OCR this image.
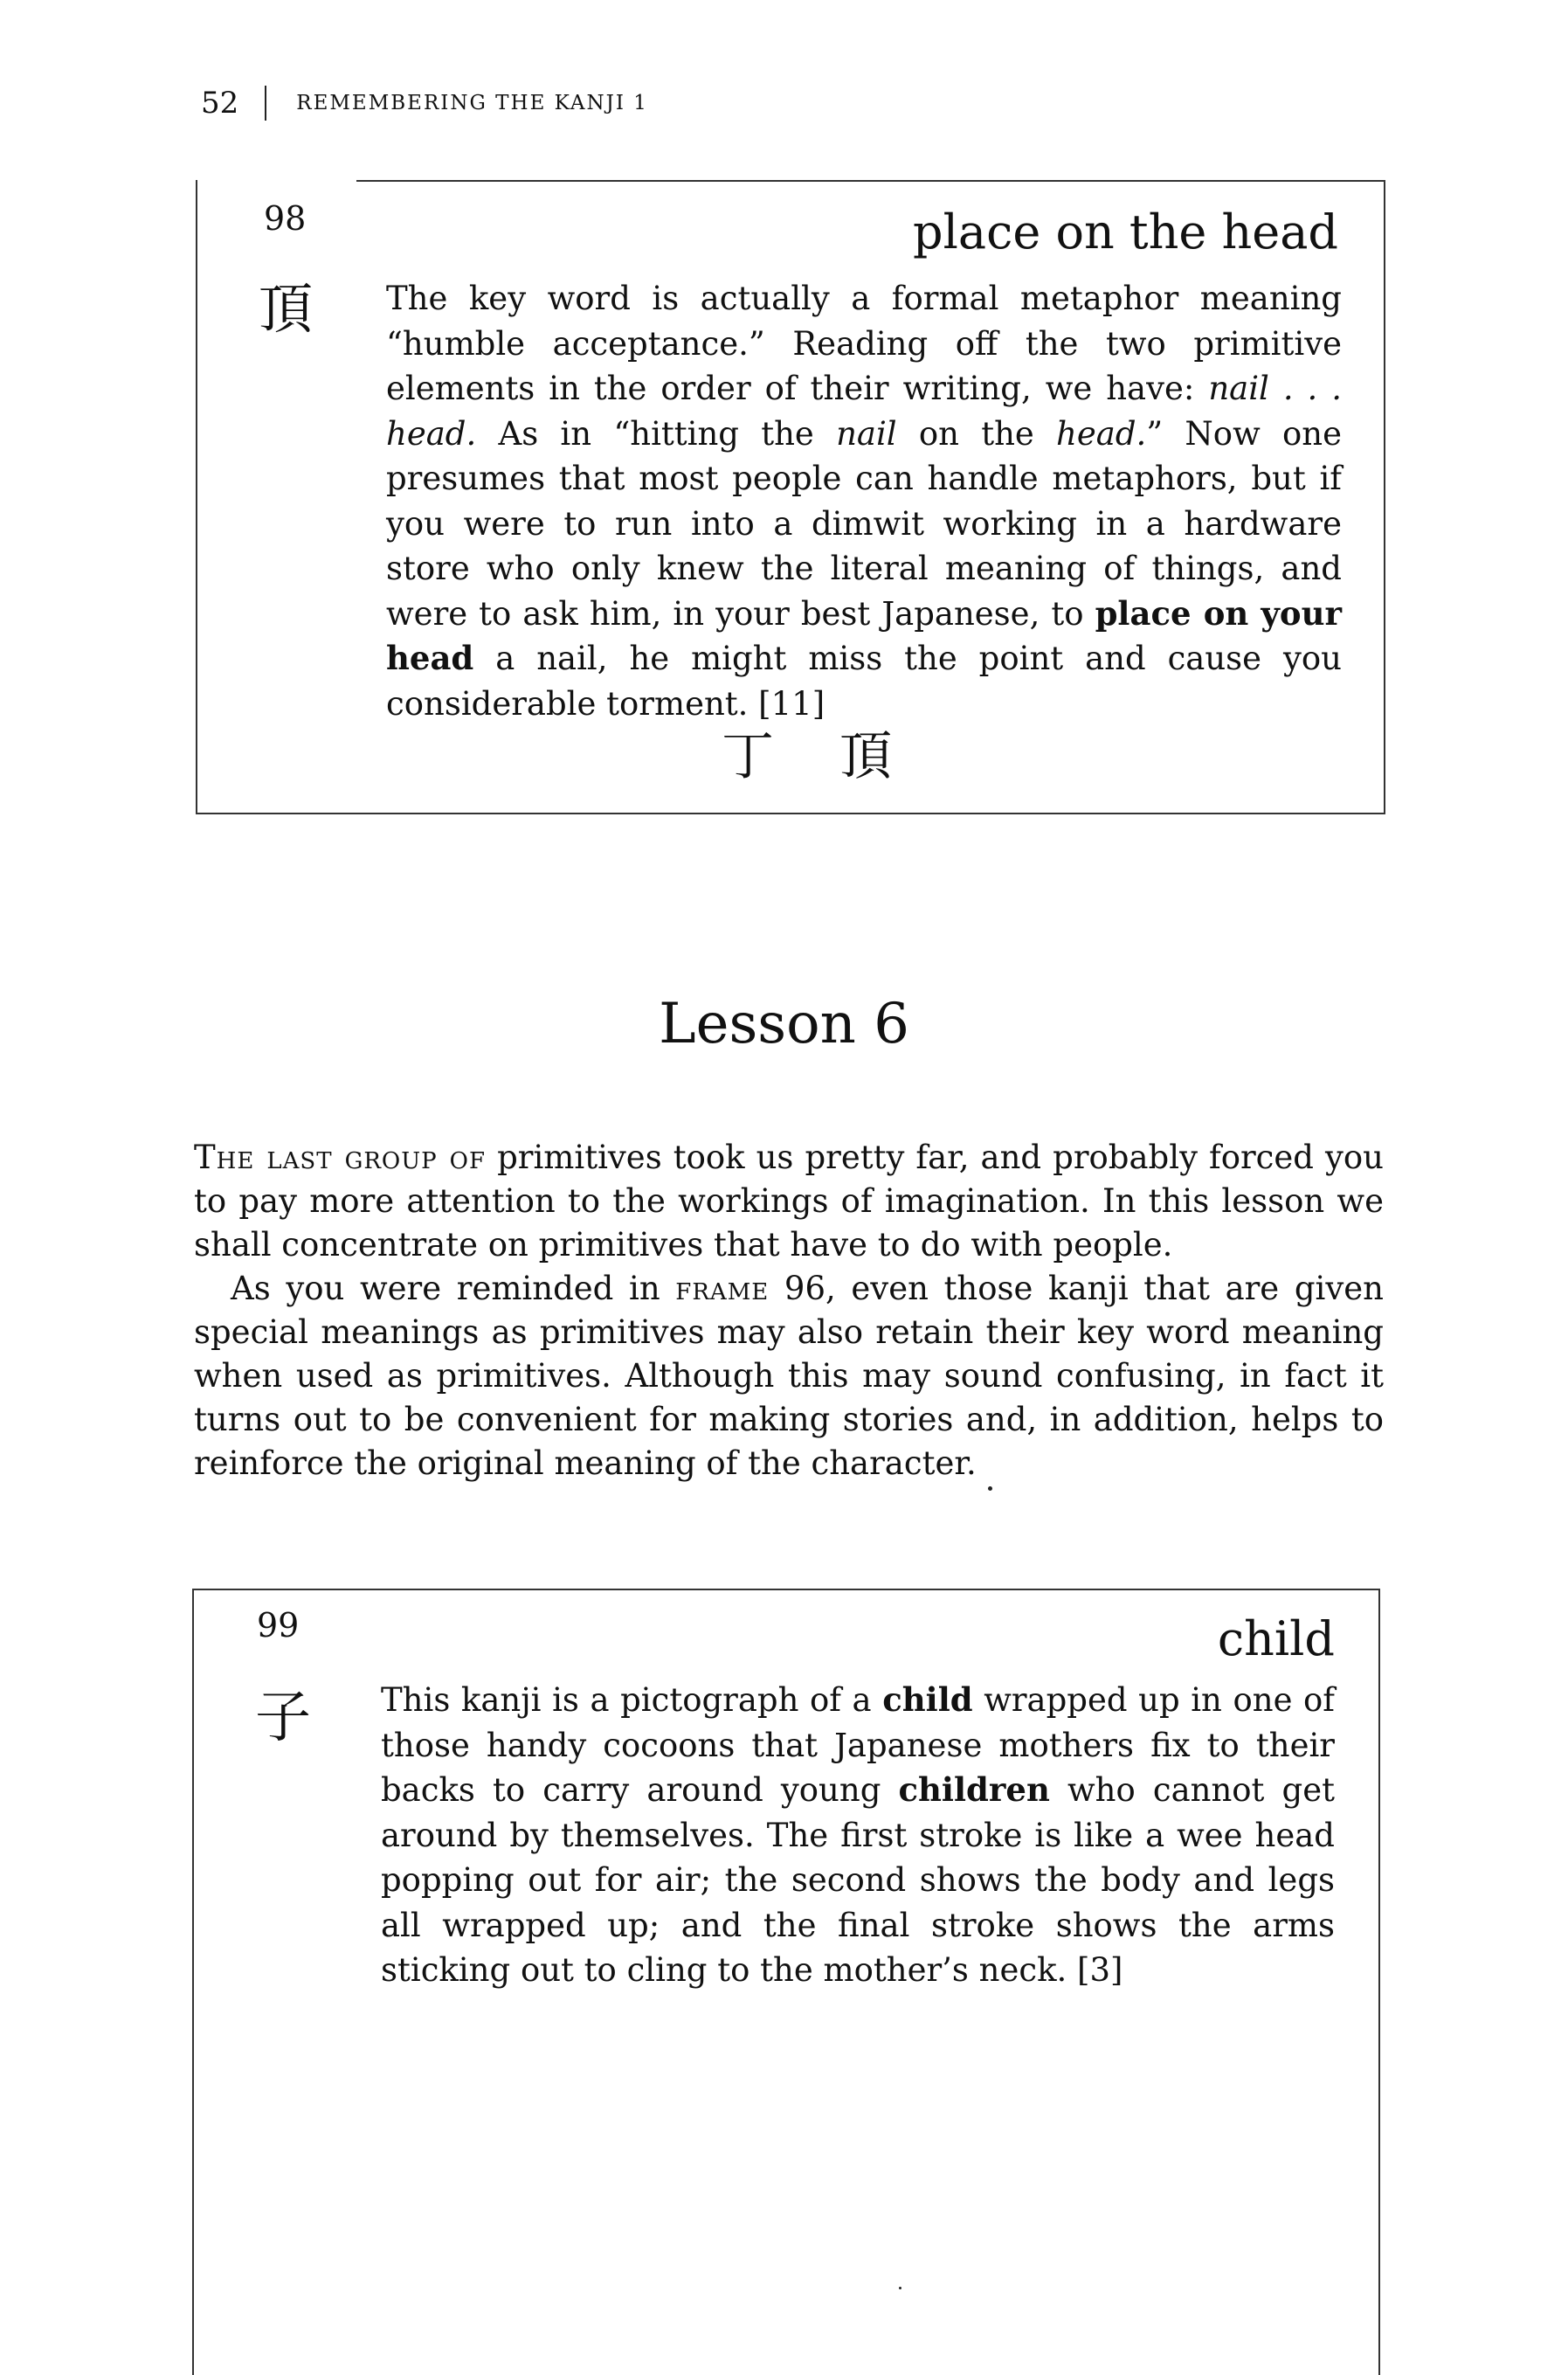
52	REMEMBERING THE KANJI 1
98
頂
place on the head
The key word is actually a formal metaphor meaning “humble acceptance.” Reading off the two primitive elements in the order of their writing, we have: nail . . . head. As in “hitting the nail on the head.” Now one presumes that most people can handle metaphors, but if you were to run into a dimwit working in a hardware store who only knew the literal meaning of things, and were to ask him, in your best Japanese, to place on your head a nail, he might miss the point and cause you considerable torment. [11]
丁 頂
Lesson 6

The last group of primitives took us pretty far, and probably forced you to pay more attention to the workings of imagination. In this lesson we shall concentrate on primitives that have to do with people.

As you were reminded in frame 96, even those kanji that are given special meanings as primitives may also retain their key word meaning when used as primitives. Although this may sound confusing, in fact it turns out to be convenient for making stories and, in addition, helps to reinforce the original meaning of the character.

99
子
child
This kanji is a pictograph of a child wrapped up in one of those handy cocoons that Japanese mothers fix to their backs to carry around young children who cannot get around by themselves. The first stroke is like a wee head popping out for air; the second shows the body and legs all wrapped up; and the final stroke shows the arms sticking out to cling to the mother’s neck. [3]
